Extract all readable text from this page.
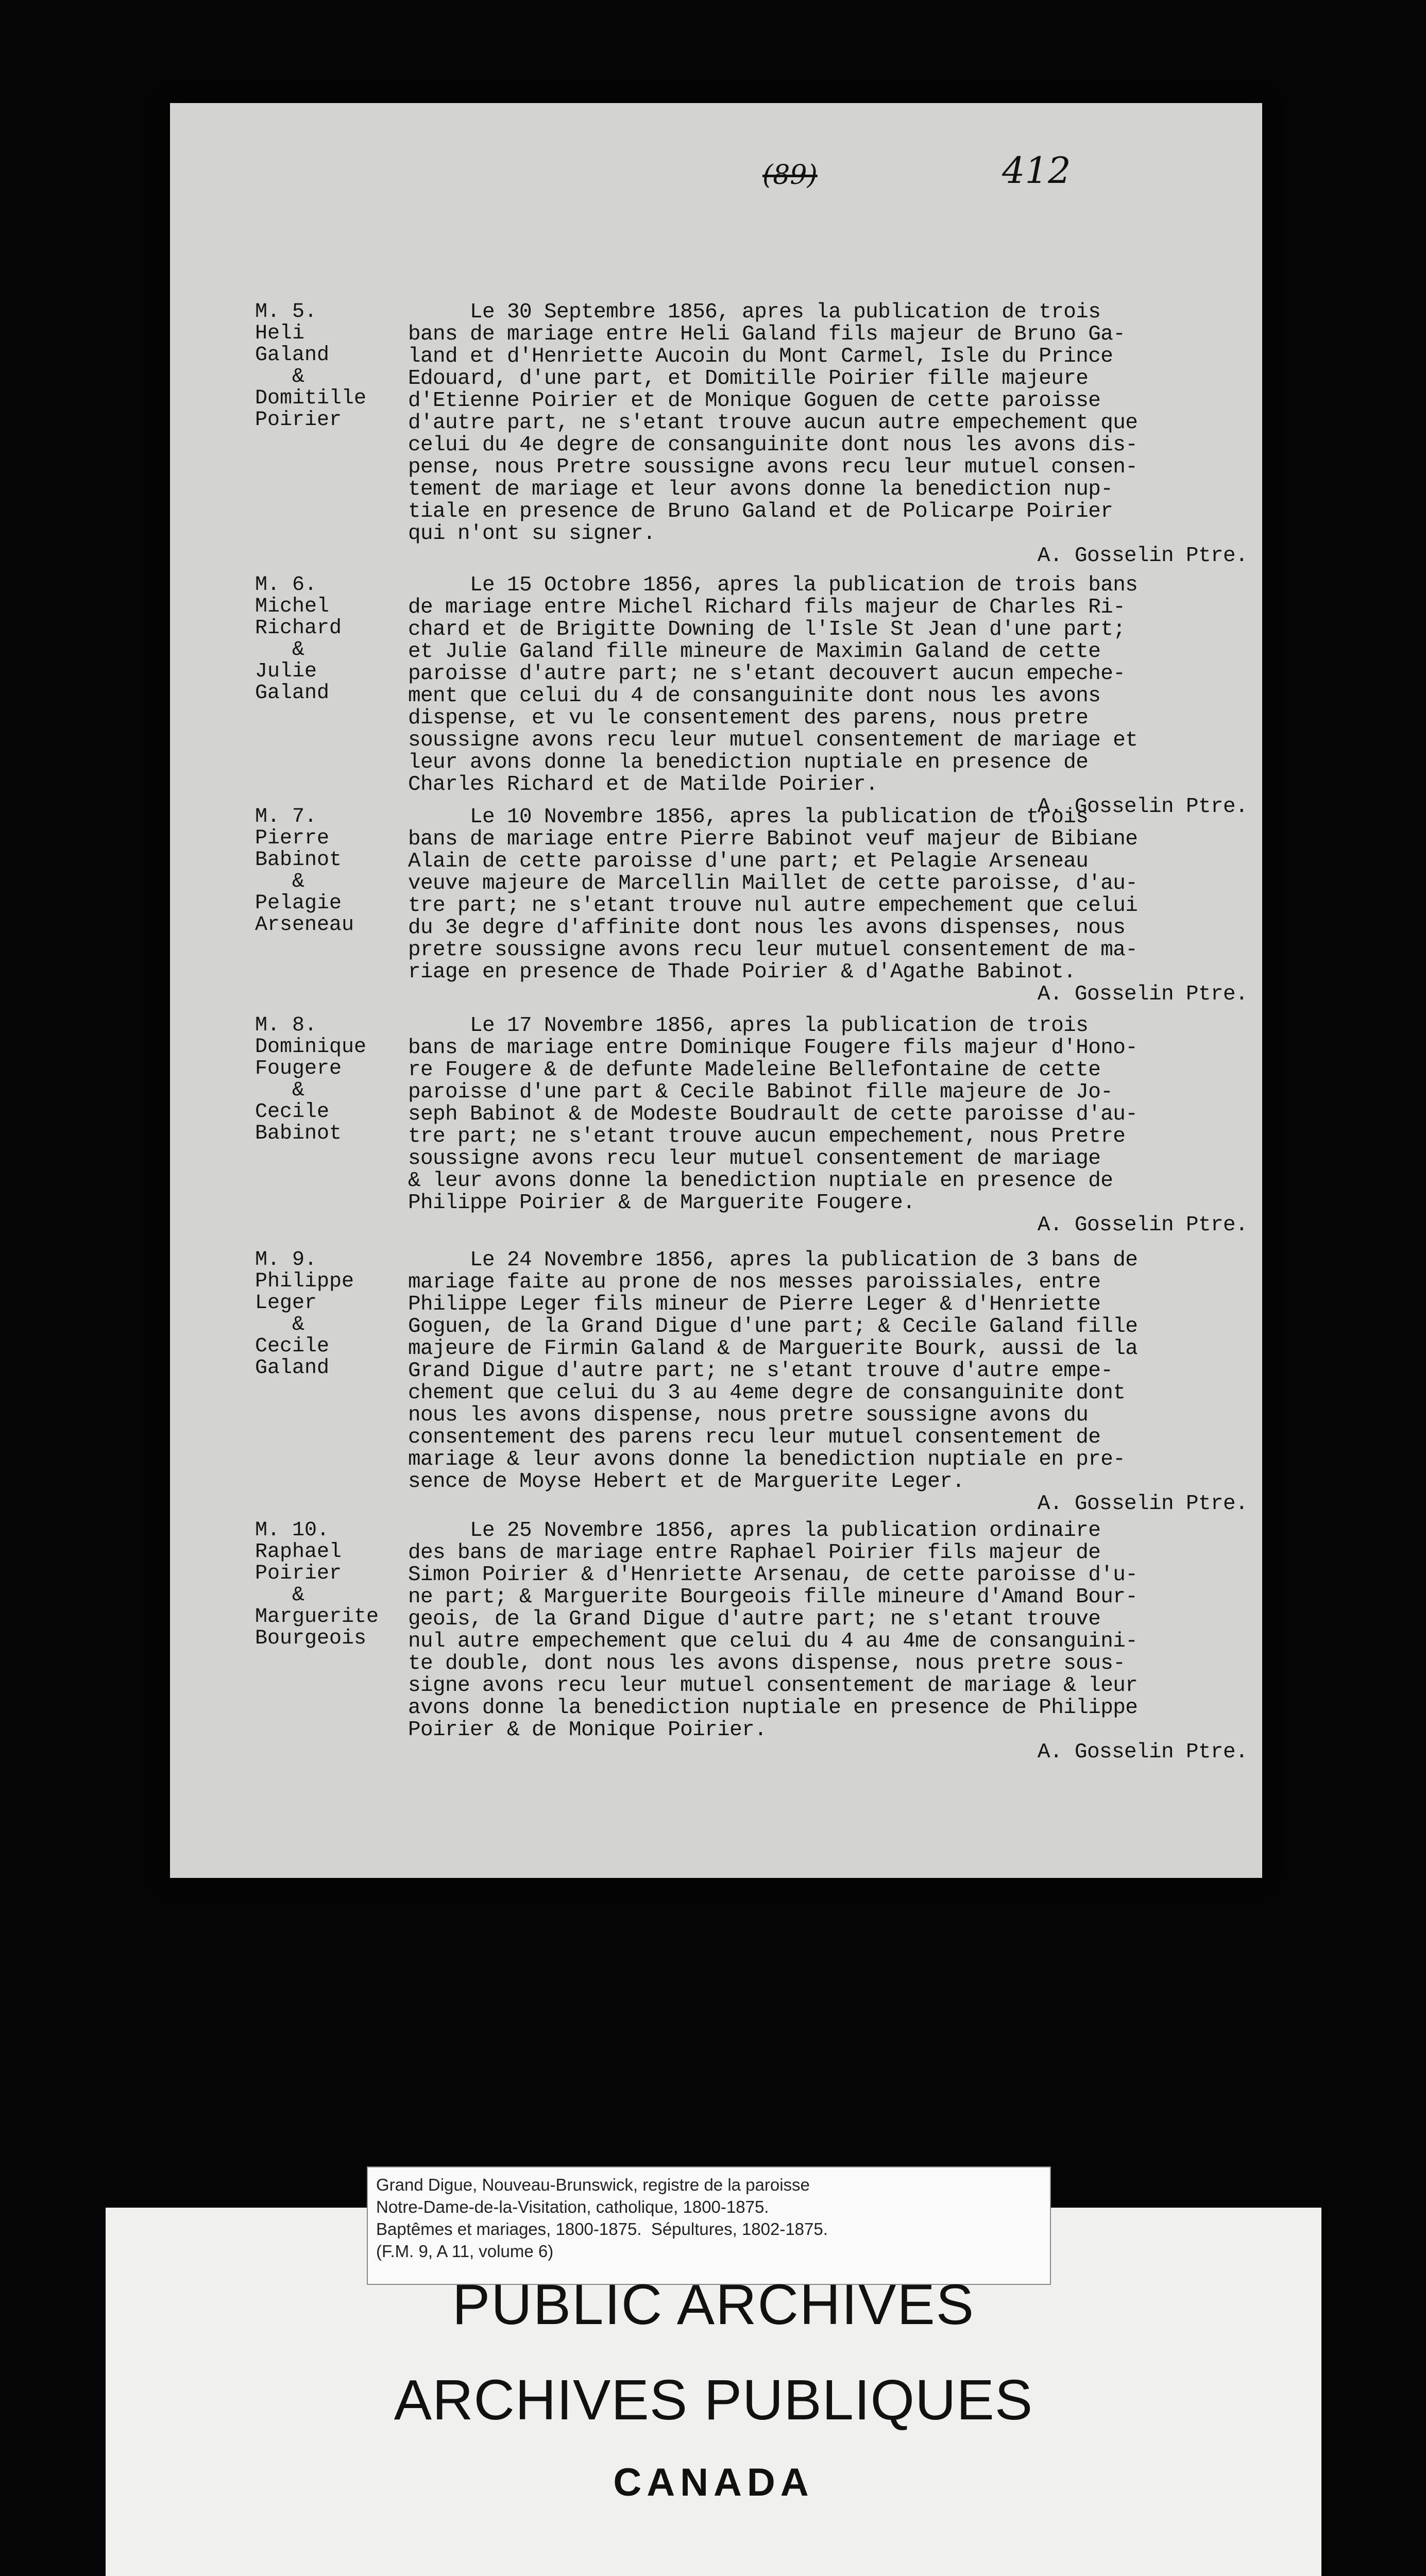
(89)	412
M. 5.
Heli
Galand
&
Domitille
Poirier
Le 30 Septembre 1856, apres la publication de trois
bans de mariage entre Heli Galand fils majeur de Bruno Ga-
land et d'Henriette Aucoin du Mont Carmel, Isle du Prince
Edouard, d'une part, et Domitille Poirier fille majeure
d'Etienne Poirier et de Monique Goguen de cette paroisse
d'autre part, ne s'etant trouve aucun autre empechement que
celui du 4e degre de consanguinite dont nous les avons dis-
pense, nous Pretre soussigne avons recu leur mutuel consen-
tement de mariage et leur avons donne la benediction nup-
tiale en presence de Bruno Galand et de Policarpe Poirier
qui n'ont su signer.
A. Gosselin Ptre.
M. 6.
Michel
Richard
&
Julie
Galand
Le 15 Octobre 1856, apres la publication de trois bans
de mariage entre Michel Richard fils majeur de Charles Ri-
chard et de Brigitte Downing de l'Isle St Jean d'une part;
et Julie Galand fille mineure de Maximin Galand de cette
paroisse d'autre part; ne s'etant decouvert aucun empeche-
ment que celui du 4 de consanguinite dont nous les avons
dispense, et vu le consentement des parens, nous pretre
soussigne avons recu leur mutuel consentement de mariage et
leur avons donne la benediction nuptiale en presence de
Charles Richard et de Matilde Poirier.
A. Gosselin Ptre.
M. 7.
Pierre
Babinot
&
Pelagie
Arseneau
Le 10 Novembre 1856, apres la publication de trois
bans de mariage entre Pierre Babinot veuf majeur de Bibiane
Alain de cette paroisse d'une part; et Pelagie Arseneau
veuve majeure de Marcellin Maillet de cette paroisse, d'au-
tre part; ne s'etant trouve nul autre empechement que celui
du 3e degre d'affinite dont nous les avons dispenses, nous
pretre soussigne avons recu leur mutuel consentement de ma-
riage en presence de Thade Poirier & d'Agathe Babinot.
A. Gosselin Ptre.
M. 8.
Dominique
Fougere
&
Cecile
Babinot
Le 17 Novembre 1856, apres la publication de trois
bans de mariage entre Dominique Fougere fils majeur d'Hono-
re Fougere & de defunte Madeleine Bellefontaine de cette
paroisse d'une part & Cecile Babinot fille majeure de Jo-
seph Babinot & de Modeste Boudrault de cette paroisse d'au-
tre part; ne s'etant trouve aucun empechement, nous Pretre
soussigne avons recu leur mutuel consentement de mariage
& leur avons donne la benediction nuptiale en presence de
Philippe Poirier & de Marguerite Fougere.
A. Gosselin Ptre.
M. 9.
Philippe
Leger
&
Cecile
Galand
Le 24 Novembre 1856, apres la publication de 3 bans de
mariage faite au prone de nos messes paroissiales, entre
Philippe Leger fils mineur de Pierre Leger & d'Henriette
Goguen, de la Grand Digue d'une part; & Cecile Galand fille
majeure de Firmin Galand & de Marguerite Bourk, aussi de la
Grand Digue d'autre part; ne s'etant trouve d'autre empe-
chement que celui du 3 au 4eme degre de consanguinite dont
nous les avons dispense, nous pretre soussigne avons du
consentement des parens recu leur mutuel consentement de
mariage & leur avons donne la benediction nuptiale en pre-
sence de Moyse Hebert et de Marguerite Leger.
A. Gosselin Ptre.
M. 10.
Raphael
Poirier
&
Marguerite
Bourgeois
Le 25 Novembre 1856, apres la publication ordinaire
des bans de mariage entre Raphael Poirier fils majeur de
Simon Poirier & d'Henriette Arsenau, de cette paroisse d'u-
ne part; & Marguerite Bourgeois fille mineure d'Amand Bour-
geois, de la Grand Digue d'autre part; ne s'etant trouve
nul autre empechement que celui du 4 au 4me de consanguini-
te double, dont nous les avons dispense, nous pretre sous-
signe avons recu leur mutuel consentement de mariage & leur
avons donne la benediction nuptiale en presence de Philippe
Poirier & de Monique Poirier.
A. Gosselin Ptre.
Grand Digue, Nouveau-Brunswick, registre de la paroisse
Notre-Dame-de-la-Visitation, catholique, 1800-1875.
Baptêmes et mariages, 1800-1875.  Sépultures, 1802-1875.
(F.M. 9, A 11, volume 6)
PUBLIC ARCHIVES
ARCHIVES PUBLIQUES
CANADA
